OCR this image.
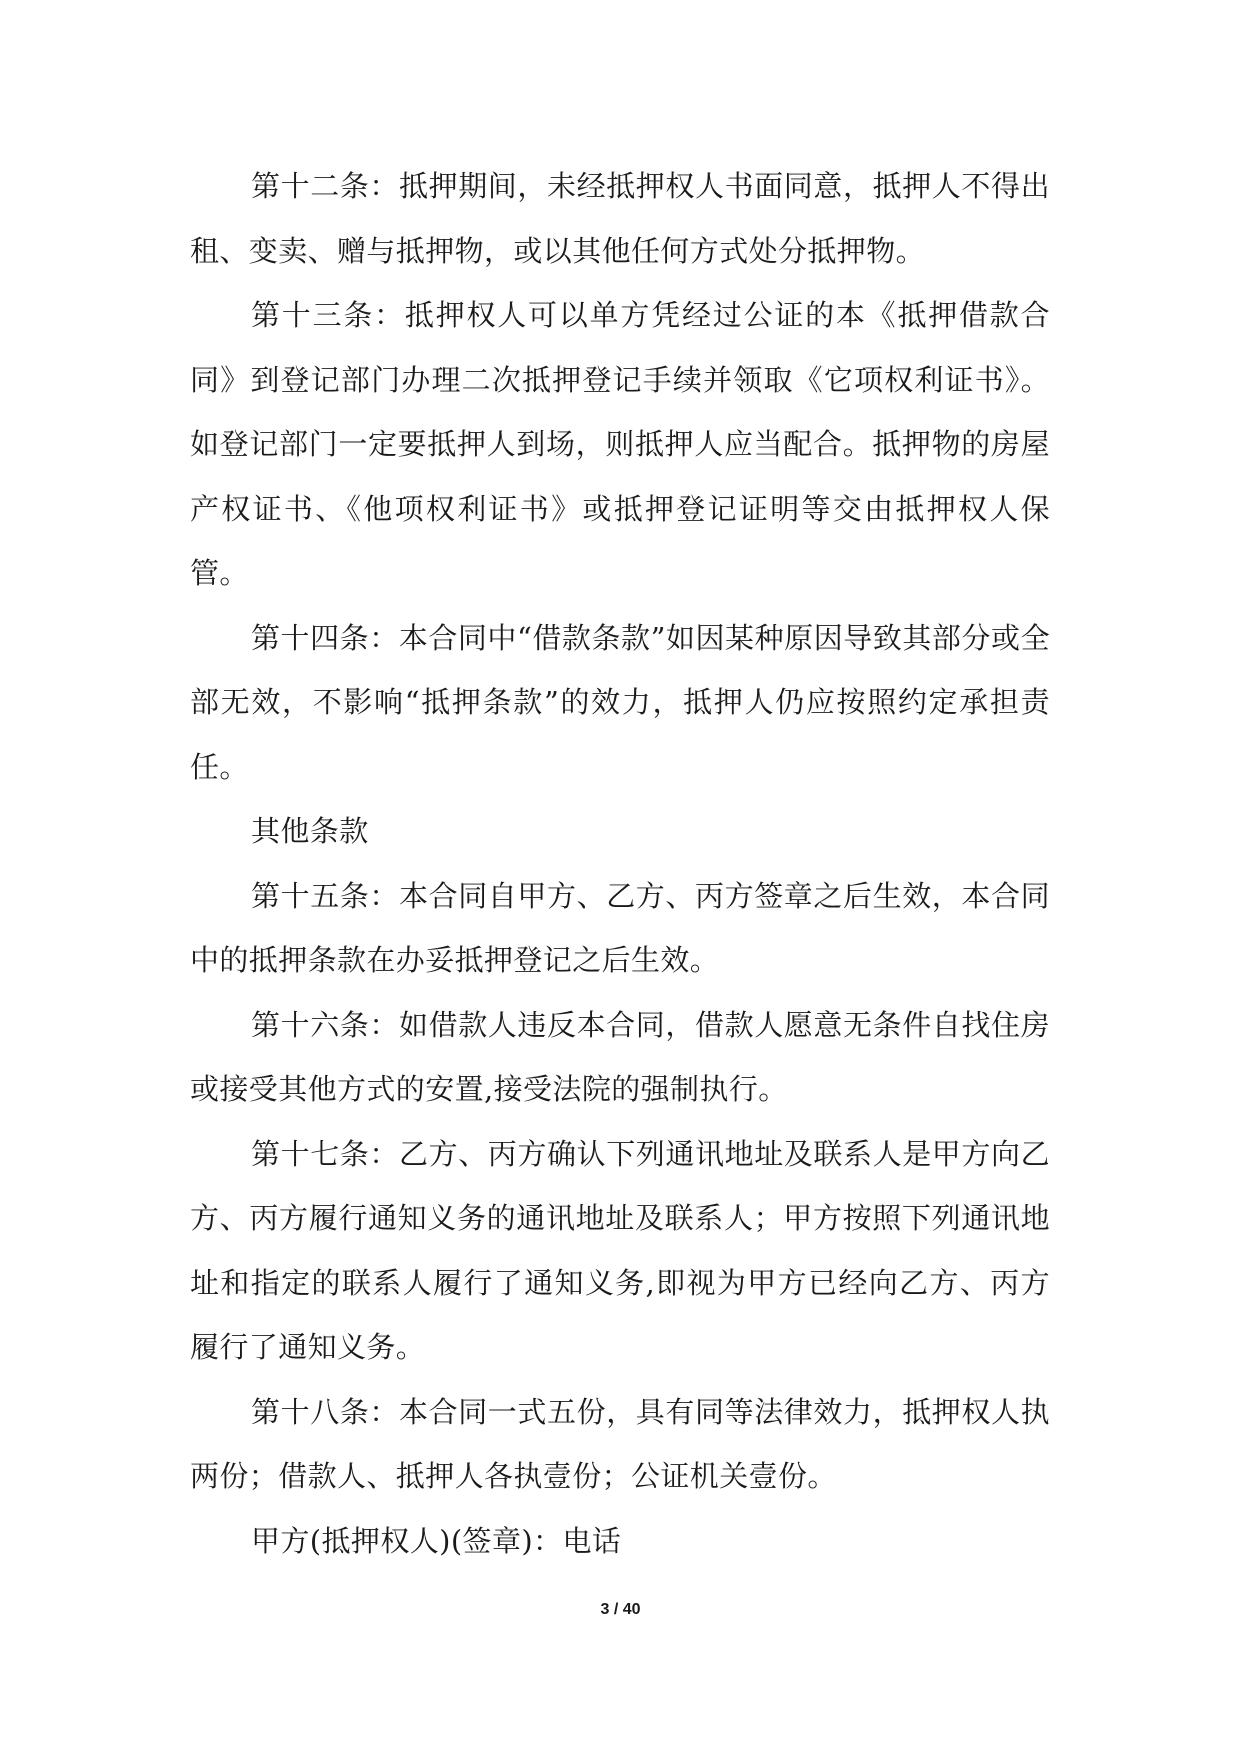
第十二条：抵押期间，未经抵押权人书面同意，抵押人不得出租、变卖、赠与抵押物，或以其他任何方式处分抵押物。

第十三条：抵押权人可以单方凭经过公证的本《抵押借款合同》到登记部门办理二次抵押登记手续并领取《它项权利证书》。如登记部门一定要抵押人到场，则抵押人应当配合。抵押物的房屋产权证书、《他项权利证书》或抵押登记证明等交由抵押权人保管。

第十四条：本合同中“借款条款”如因某种原因导致其部分或全部无效，不影响“抵押条款”的效力，抵押人仍应按照约定承担责任。

其他条款

第十五条：本合同自甲方、乙方、丙方签章之后生效，本合同中的抵押条款在办妥抵押登记之后生效。

第十六条：如借款人违反本合同，借款人愿意无条件自找住房或接受其他方式的安置,接受法院的强制执行。

第十七条：乙方、丙方确认下列通讯地址及联系人是甲方向乙方、丙方履行通知义务的通讯地址及联系人；甲方按照下列通讯地址和指定的联系人履行了通知义务,即视为甲方已经向乙方、丙方履行了通知义务。

第十八条：本合同一式五份，具有同等法律效力，抵押权人执两份；借款人、抵押人各执壹份；公证机关壹份。

甲方(抵押权人)(签章)：电话

3 / 40
